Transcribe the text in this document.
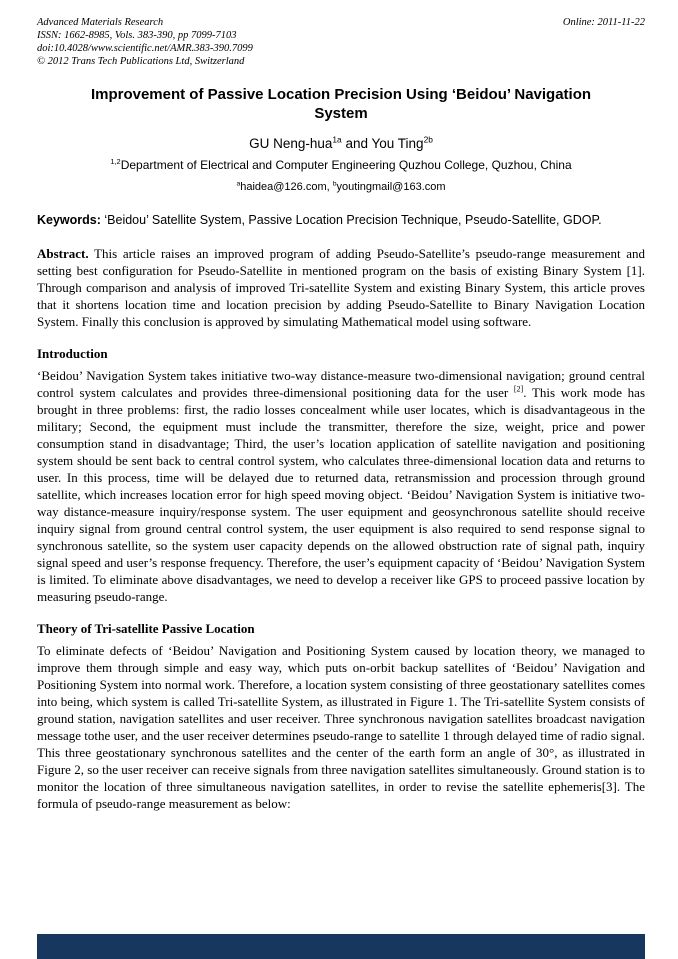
Advanced Materials Research	Online: 2011-11-22
ISSN: 1662-8985, Vols. 383-390, pp 7099-7103
doi:10.4028/www.scientific.net/AMR.383-390.7099
© 2012 Trans Tech Publications Ltd, Switzerland
Improvement of Passive Location Precision Using ‘Beidou’ Navigation System
GU Neng-hua$^{1a}$ and You Ting$^{2b}$
$^{1,2}$Department of Electrical and Computer Engineering Quzhou College, Quzhou, China
$^a$haidea@126.com, $^b$youtingmail@163.com

Keywords: ‘Beidou’ Satellite System, Passive Location Precision Technique, Pseudo-Satellite, GDOP.

Abstract. This article raises an improved program of adding Pseudo-Satellite’s pseudo-range measurement and setting best configuration for Pseudo-Satellite in mentioned program on the basis of existing Binary System [1]. Through comparison and analysis of improved Tri-satellite System and existing Binary System, this article proves that it shortens location time and location precision by adding Pseudo-Satellite to Binary Navigation Location System. Finally this conclusion is approved by simulating Mathematical model using software.

Introduction

‘Beidou’ Navigation System takes initiative two-way distance-measure two-dimensional navigation; ground central control system calculates and provides three-dimensional positioning data for the user [2]. This work mode has brought in three problems: first, the radio losses concealment while user locates, which is disadvantageous in the military; Second, the equipment must include the transmitter, therefore the size, weight, price and power consumption stand in disadvantage; Third, the user’s location application of satellite navigation and positioning system should be sent back to central control system, who calculates three-dimensional location data and returns to user. In this process, time will be delayed due to returned data, retransmission and procession through ground satellite, which increases location error for high speed moving object. ‘Beidou’ Navigation System is initiative two-way distance-measure inquiry/response system. The user equipment and geosynchronous satellite should receive inquiry signal from ground central control system, the user equipment is also required to send response signal to synchronous satellite, so the system user capacity depends on the allowed obstruction rate of signal path, inquiry signal speed and user’s response frequency. Therefore, the user’s equipment capacity of ‘Beidou’ Navigation System is limited. To eliminate above disadvantages, we need to develop a receiver like GPS to proceed passive location by measuring pseudo-range.

Theory of Tri-satellite Passive Location

To eliminate defects of ‘Beidou’ Navigation and Positioning System caused by location theory, we managed to improve them through simple and easy way, which puts on-orbit backup satellites of ‘Beidou’ Navigation and Positioning System into normal work. Therefore, a location system consisting of three geostationary satellites comes into being, which system is called Tri-satellite System, as illustrated in Figure 1. The Tri-satellite System consists of ground station, navigation satellites and user receiver. Three synchronous navigation satellites broadcast navigation message tothe user, and the user receiver determines pseudo-range to satellite 1 through delayed time of radio signal. This three geostationary synchronous satellites and the center of the earth form an angle of 30°, as illustrated in Figure 2, so the user receiver can receive signals from three navigation satellites simultaneously. Ground station is to monitor the location of three simultaneous navigation satellites, in order to revise the satellite ephemeris[3]. The formula of pseudo-range measurement as below:
